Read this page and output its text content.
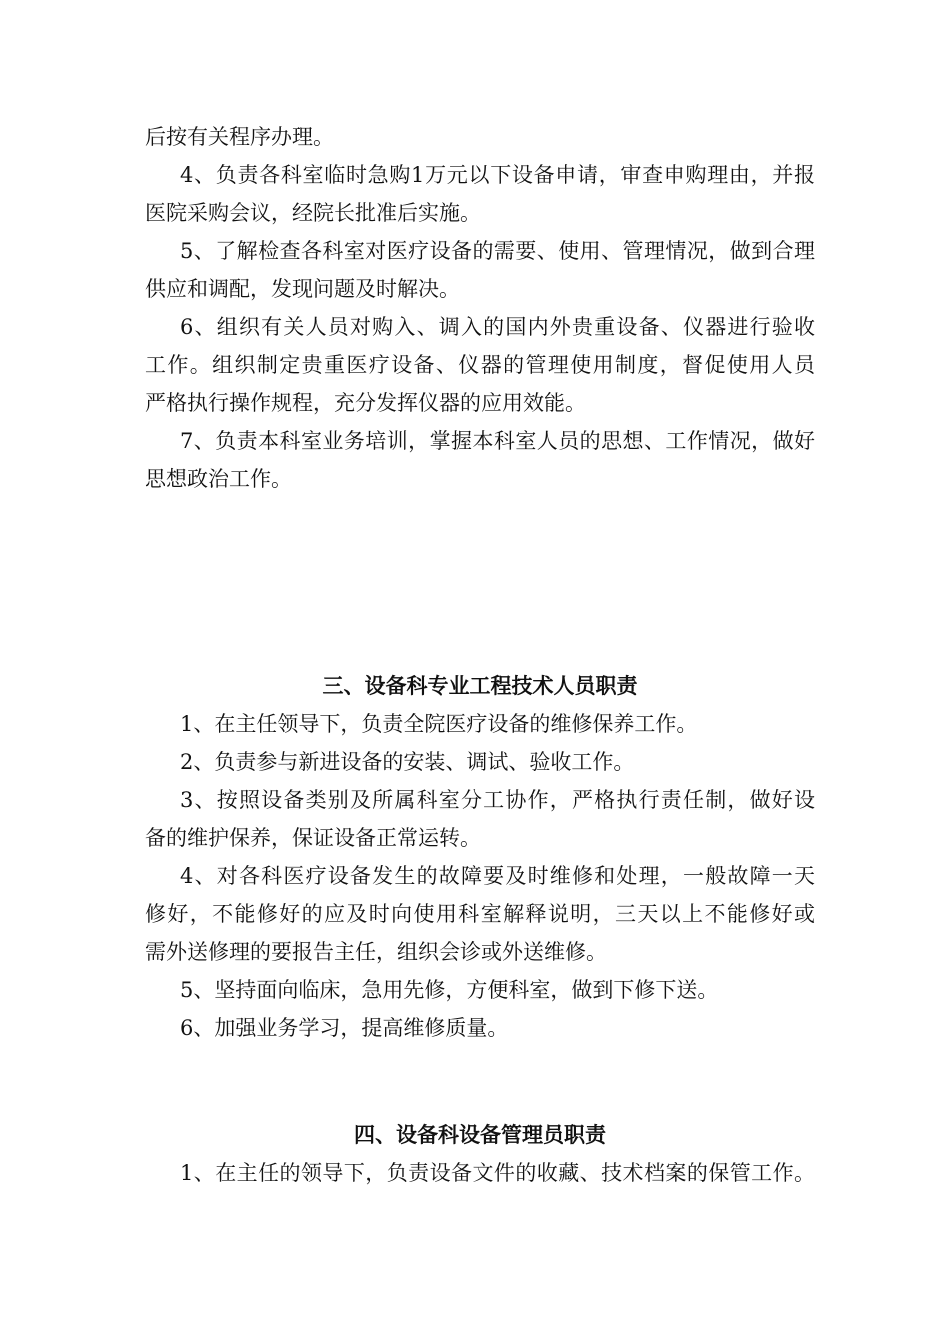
后按有关程序办理。
4、负责各科室临时急购1万元以下设备申请，审查申购理由，并报
医院采购会议，经院长批准后实施。
5、了解检查各科室对医疗设备的需要、使用、管理情况，做到合理
供应和调配，发现问题及时解决。
6、组织有关人员对购入、调入的国内外贵重设备、仪器进行验收
工作。组织制定贵重医疗设备、仪器的管理使用制度，督促使用人员
严格执行操作规程，充分发挥仪器的应用效能。
7、负责本科室业务培训，掌握本科室人员的思想、工作情况，做好
思想政治工作。
三、设备科专业工程技术人员职责
1、在主任领导下，负责全院医疗设备的维修保养工作。
2、负责参与新进设备的安装、调试、验收工作。
3、按照设备类别及所属科室分工协作，严格执行责任制，做好设
备的维护保养，保证设备正常运转。
4、对各科医疗设备发生的故障要及时维修和处理，一般故障一天
修好，不能修好的应及时向使用科室解释说明，三天以上不能修好或
需外送修理的要报告主任，组织会诊或外送维修。
5、坚持面向临床，急用先修，方便科室，做到下修下送。
6、加强业务学习，提高维修质量。
四、设备科设备管理员职责
1、在主任的领导下，负责设备文件的收藏、技术档案的保管工作。
